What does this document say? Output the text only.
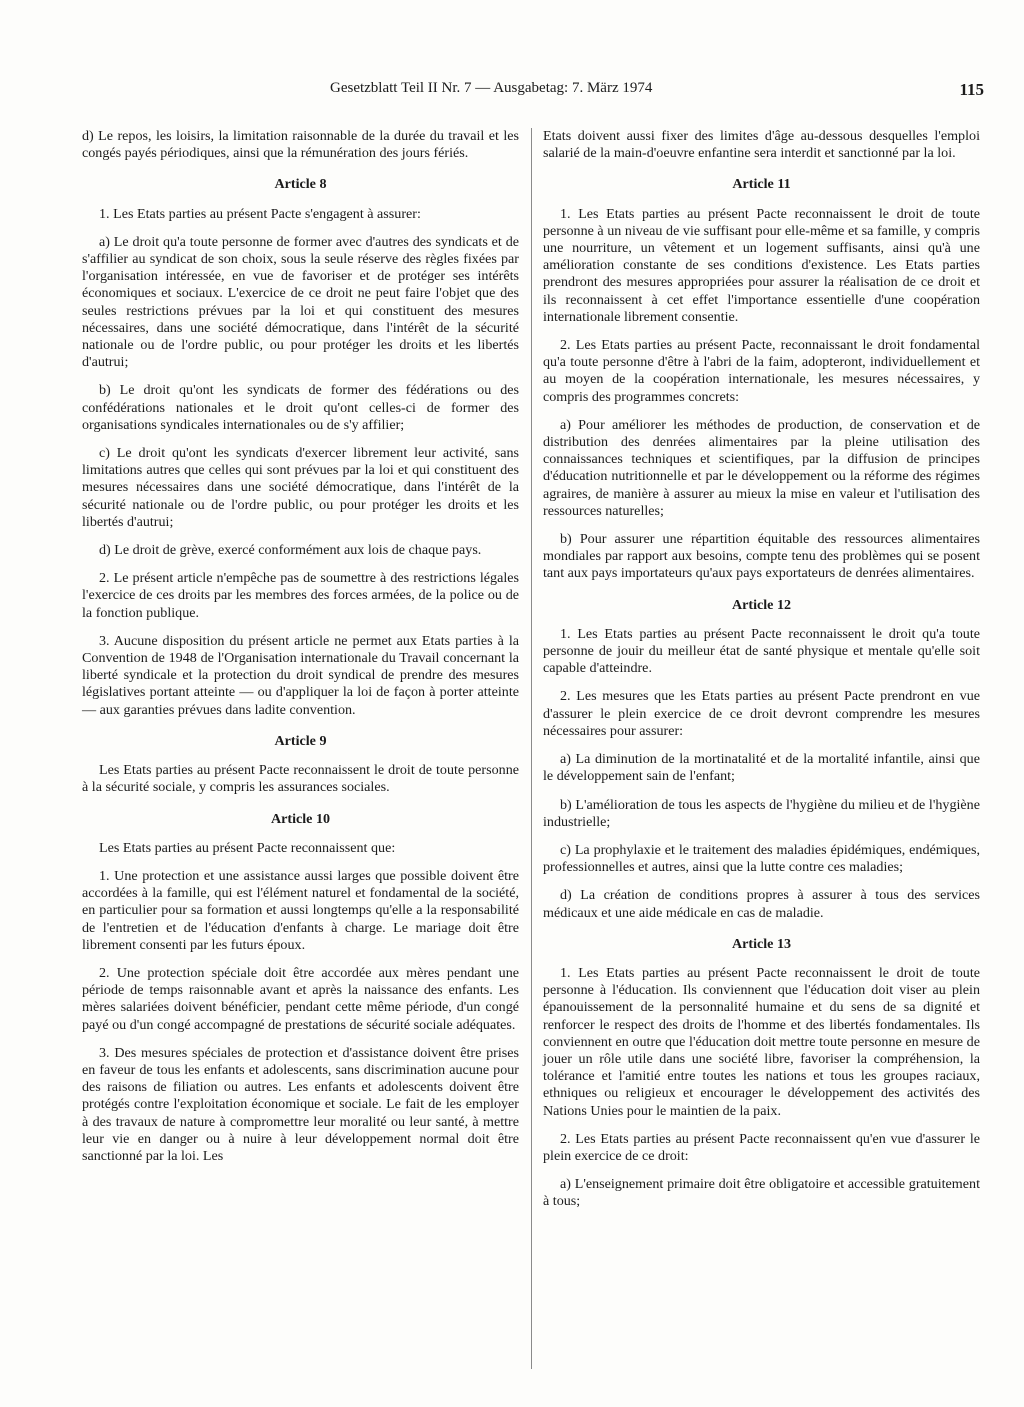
Gesetzblatt Teil II Nr. 7 — Ausgabetag: 7. März 1974	115

d) Le repos, les loisirs, la limitation raisonnable de la durée du travail et les congés payés périodiques, ainsi que la rémunération des jours fériés.

Article 8

1. Les Etats parties au présent Pacte s'engagent à assurer:

a) Le droit qu'a toute personne de former avec d'autres des syndicats et de s'affilier au syndicat de son choix, sous la seule réserve des règles fixées par l'organisation intéressée, en vue de favoriser et de protéger ses intérêts économiques et sociaux. L'exercice de ce droit ne peut faire l'objet que des seules restrictions prévues par la loi et qui constituent des mesures nécessaires, dans une société démocratique, dans l'intérêt de la sécurité nationale ou de l'ordre public, ou pour protéger les droits et les libertés d'autrui;

b) Le droit qu'ont les syndicats de former des fédérations ou des confédérations nationales et le droit qu'ont celles-ci de former des organisations syndicales internationales ou de s'y affilier;

c) Le droit qu'ont les syndicats d'exercer librement leur activité, sans limitations autres que celles qui sont prévues par la loi et qui constituent des mesures nécessaires dans une société démocratique, dans l'intérêt de la sécurité nationale ou de l'ordre public, ou pour protéger les droits et les libertés d'autrui;

d) Le droit de grève, exercé conformément aux lois de chaque pays.

2. Le présent article n'empêche pas de soumettre à des restrictions légales l'exercice de ces droits par les membres des forces armées, de la police ou de la fonction publique.

3. Aucune disposition du présent article ne permet aux Etats parties à la Convention de 1948 de l'Organisation internationale du Travail concernant la liberté syndicale et la protection du droit syndical de prendre des mesures législatives portant atteinte — ou d'appliquer la loi de façon à porter atteinte — aux garanties prévues dans ladite convention.

Article 9

Les Etats parties au présent Pacte reconnaissent le droit de toute personne à la sécurité sociale, y compris les assurances sociales.

Article 10

Les Etats parties au présent Pacte reconnaissent que:

1. Une protection et une assistance aussi larges que possible doivent être accordées à la famille, qui est l'élément naturel et fondamental de la société, en particulier pour sa formation et aussi longtemps qu'elle a la responsabilité de l'entretien et de l'éducation d'enfants à charge. Le mariage doit être librement consenti par les futurs époux.

2. Une protection spéciale doit être accordée aux mères pendant une période de temps raisonnable avant et après la naissance des enfants. Les mères salariées doivent bénéficier, pendant cette même période, d'un congé payé ou d'un congé accompagné de prestations de sécurité sociale adéquates.

3. Des mesures spéciales de protection et d'assistance doivent être prises en faveur de tous les enfants et adolescents, sans discrimination aucune pour des raisons de filiation ou autres. Les enfants et adolescents doivent être protégés contre l'exploitation économique et sociale. Le fait de les employer à des travaux de nature à compromettre leur moralité ou leur santé, à mettre leur vie en danger ou à nuire à leur développement normal doit être sanctionné par la loi. Les

Etats doivent aussi fixer des limites d'âge au-dessous desquelles l'emploi salarié de la main-d'oeuvre enfantine sera interdit et sanctionné par la loi.

Article 11

1. Les Etats parties au présent Pacte reconnaissent le droit de toute personne à un niveau de vie suffisant pour elle-même et sa famille, y compris une nourriture, un vêtement et un logement suffisants, ainsi qu'à une amélioration constante de ses conditions d'existence. Les Etats parties prendront des mesures appropriées pour assurer la réalisation de ce droit et ils reconnaissent à cet effet l'importance essentielle d'une coopération internationale librement consentie.

2. Les Etats parties au présent Pacte, reconnaissant le droit fondamental qu'a toute personne d'être à l'abri de la faim, adopteront, individuellement et au moyen de la coopération internationale, les mesures nécessaires, y compris des programmes concrets:

a) Pour améliorer les méthodes de production, de conservation et de distribution des denrées alimentaires par la pleine utilisation des connaissances techniques et scientifiques, par la diffusion de principes d'éducation nutritionnelle et par le développement ou la réforme des régimes agraires, de manière à assurer au mieux la mise en valeur et l'utilisation des ressources naturelles;

b) Pour assurer une répartition équitable des ressources alimentaires mondiales par rapport aux besoins, compte tenu des problèmes qui se posent tant aux pays importateurs qu'aux pays exportateurs de denrées alimentaires.

Article 12

1. Les Etats parties au présent Pacte reconnaissent le droit qu'a toute personne de jouir du meilleur état de santé physique et mentale qu'elle soit capable d'atteindre.

2. Les mesures que les Etats parties au présent Pacte prendront en vue d'assurer le plein exercice de ce droit devront comprendre les mesures nécessaires pour assurer:

a) La diminution de la mortinatalité et de la mortalité infantile, ainsi que le développement sain de l'enfant;

b) L'amélioration de tous les aspects de l'hygiène du milieu et de l'hygiène industrielle;

c) La prophylaxie et le traitement des maladies épidémiques, endémiques, professionnelles et autres, ainsi que la lutte contre ces maladies;

d) La création de conditions propres à assurer à tous des services médicaux et une aide médicale en cas de maladie.

Article 13

1. Les Etats parties au présent Pacte reconnaissent le droit de toute personne à l'éducation. Ils conviennent que l'éducation doit viser au plein épanouissement de la personnalité humaine et du sens de sa dignité et renforcer le respect des droits de l'homme et des libertés fondamentales. Ils conviennent en outre que l'éducation doit mettre toute personne en mesure de jouer un rôle utile dans une société libre, favoriser la compréhension, la tolérance et l'amitié entre toutes les nations et tous les groupes raciaux, ethniques ou religieux et encourager le développement des activités des Nations Unies pour le maintien de la paix.

2. Les Etats parties au présent Pacte reconnaissent qu'en vue d'assurer le plein exercice de ce droit:

a) L'enseignement primaire doit être obligatoire et accessible gratuitement à tous;
